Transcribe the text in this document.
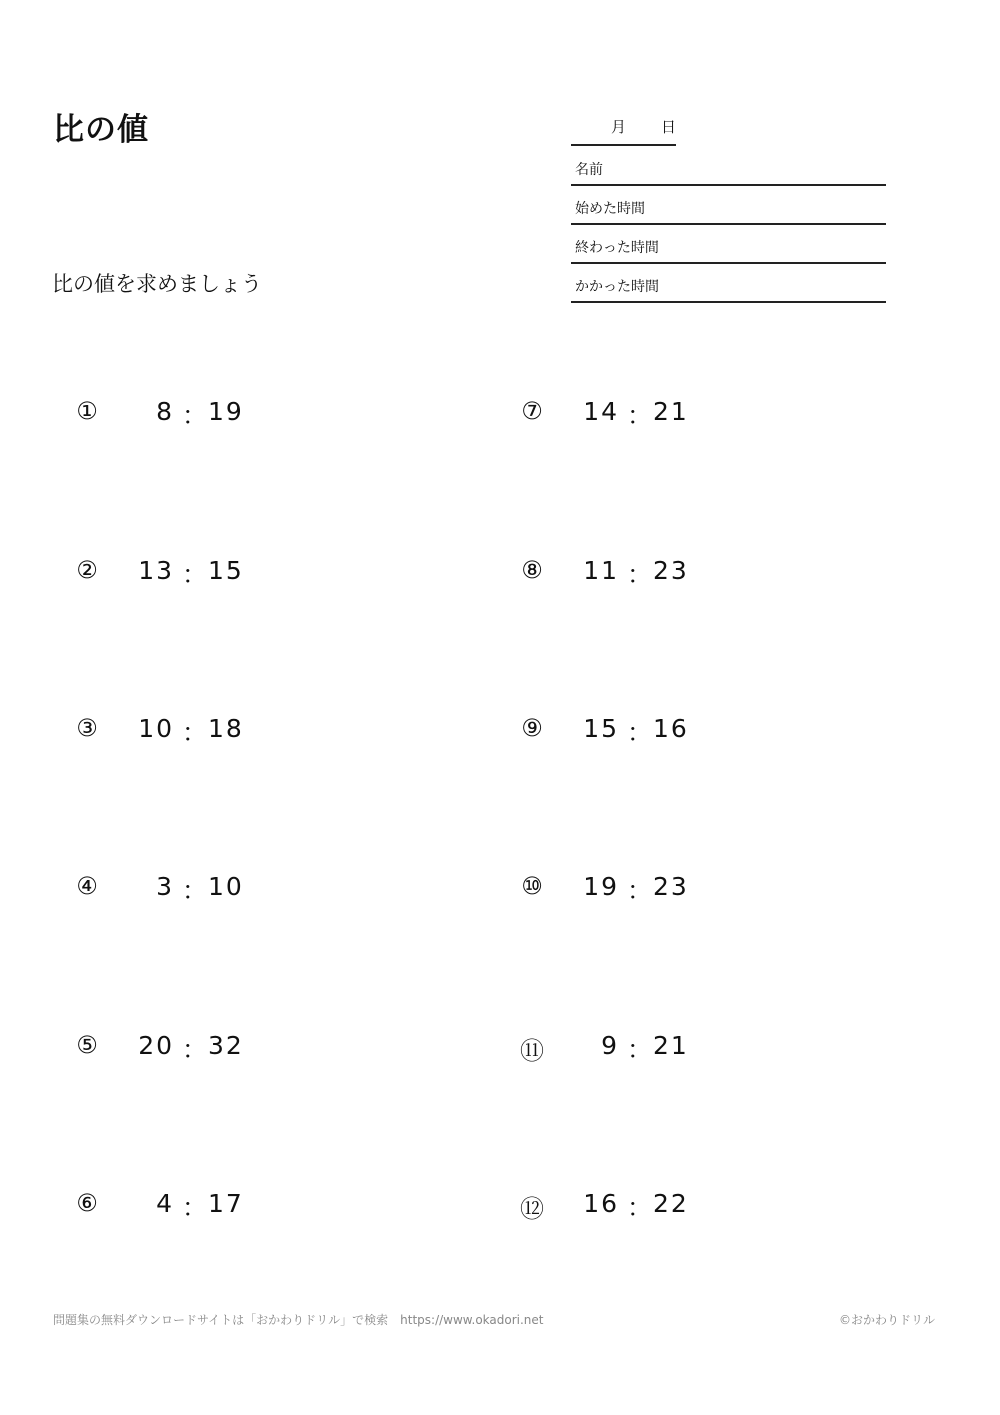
比の値
比の値を求めましょう
月 日
名前
始めた時間
終わった時間
かかった時間
①	8 ： 19
②	13 ： 15
③	10 ： 18
④	3 ： 10
⑤	20 ： 32
⑥	4 ： 17
⑦	14 ： 21
⑧	11 ： 23
⑨	15 ： 16
⑩	19 ： 23
⑪	9 ： 21
⑫	16 ： 22
問題集の無料ダウンロードサイトは「おかわりドリル」で検索　https://www.okadori.net	©おかわりドリル
